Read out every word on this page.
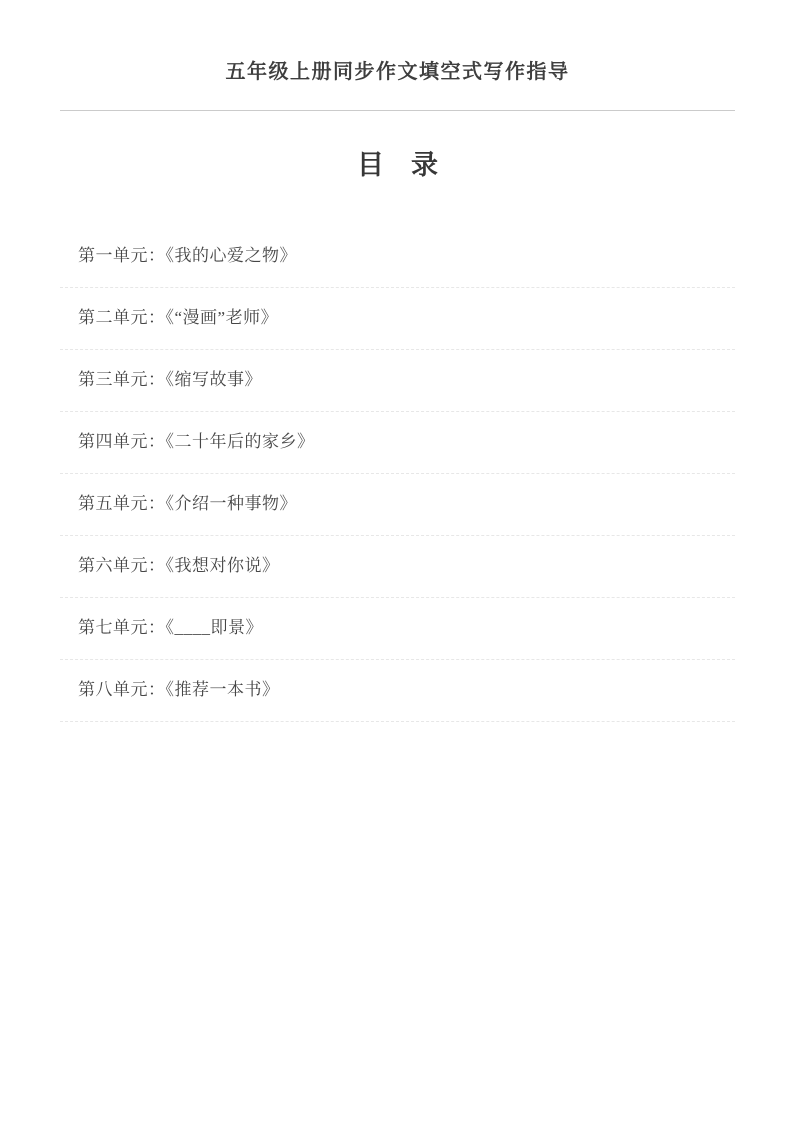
五年级上册同步作文填空式写作指导
目　录
第一单元：《我的心爱之物》
第二单元：《“漫画”老师》
第三单元：《缩写故事》
第四单元：《二十年后的家乡》
第五单元：《介绍一种事物》
第六单元：《我想对你说》
第七单元：《____即景》
第八单元：《推荐一本书》
